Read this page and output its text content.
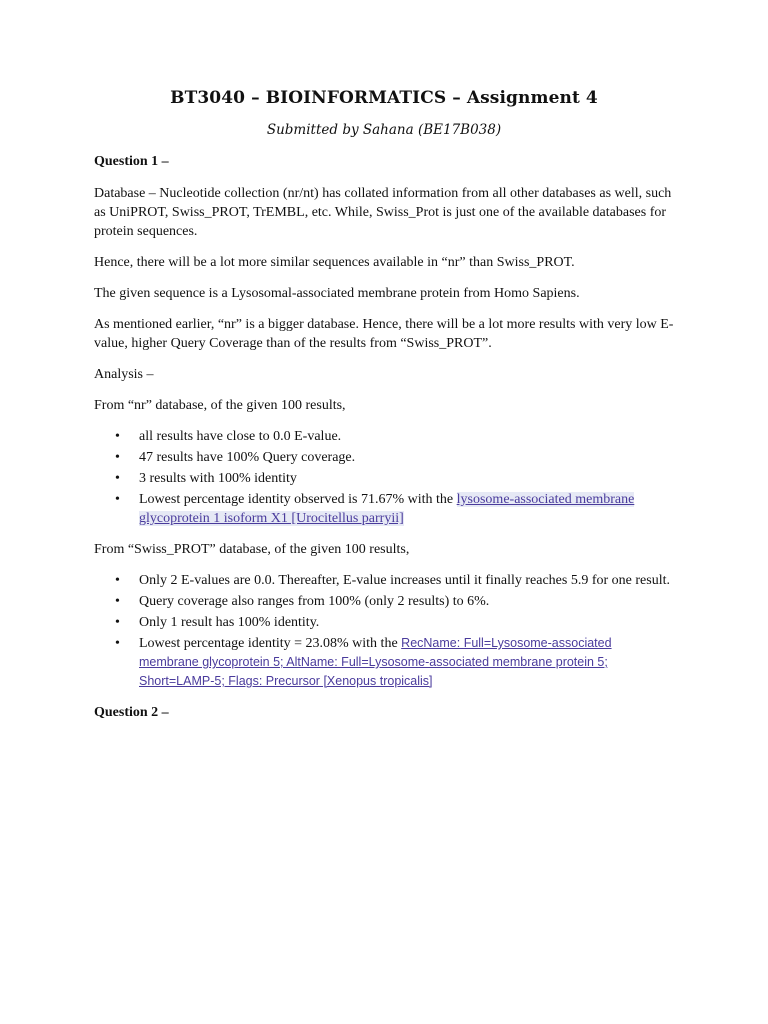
BT3040 – BIOINFORMATICS – Assignment 4
Submitted by Sahana (BE17B038)

Question 1 –

Database – Nucleotide collection (nr/nt) has collated information from all other databases as well, such as UniPROT, Swiss_PROT, TrEMBL, etc. While, Swiss_Prot is just one of the available databases for protein sequences.

Hence, there will be a lot more similar sequences available in “nr” than Swiss_PROT.

The given sequence is a Lysosomal-associated membrane protein from Homo Sapiens.

As mentioned earlier, “nr” is a bigger database. Hence, there will be a lot more results with very low E-value, higher Query Coverage than of the results from “Swiss_PROT”.

Analysis –

From “nr” database, of the given 100 results,

• all results have close to 0.0 E-value.
• 47 results have 100% Query coverage.
• 3 results with 100% identity
• Lowest percentage identity observed is 71.67% with the lysosome-associated membrane glycoprotein 1 isoform X1 [Urocitellus parryii]

From “Swiss_PROT” database, of the given 100 results,

• Only 2 E-values are 0.0. Thereafter, E-value increases until it finally reaches 5.9 for one result.
• Query coverage also ranges from 100% (only 2 results) to 6%.
• Only 1 result has 100% identity.
• Lowest percentage identity = 23.08% with the RecName: Full=Lysosome-associated membrane glycoprotein 5; AltName: Full=Lysosome-associated membrane protein 5; Short=LAMP-5; Flags: Precursor [Xenopus tropicalis]

Question 2 –
